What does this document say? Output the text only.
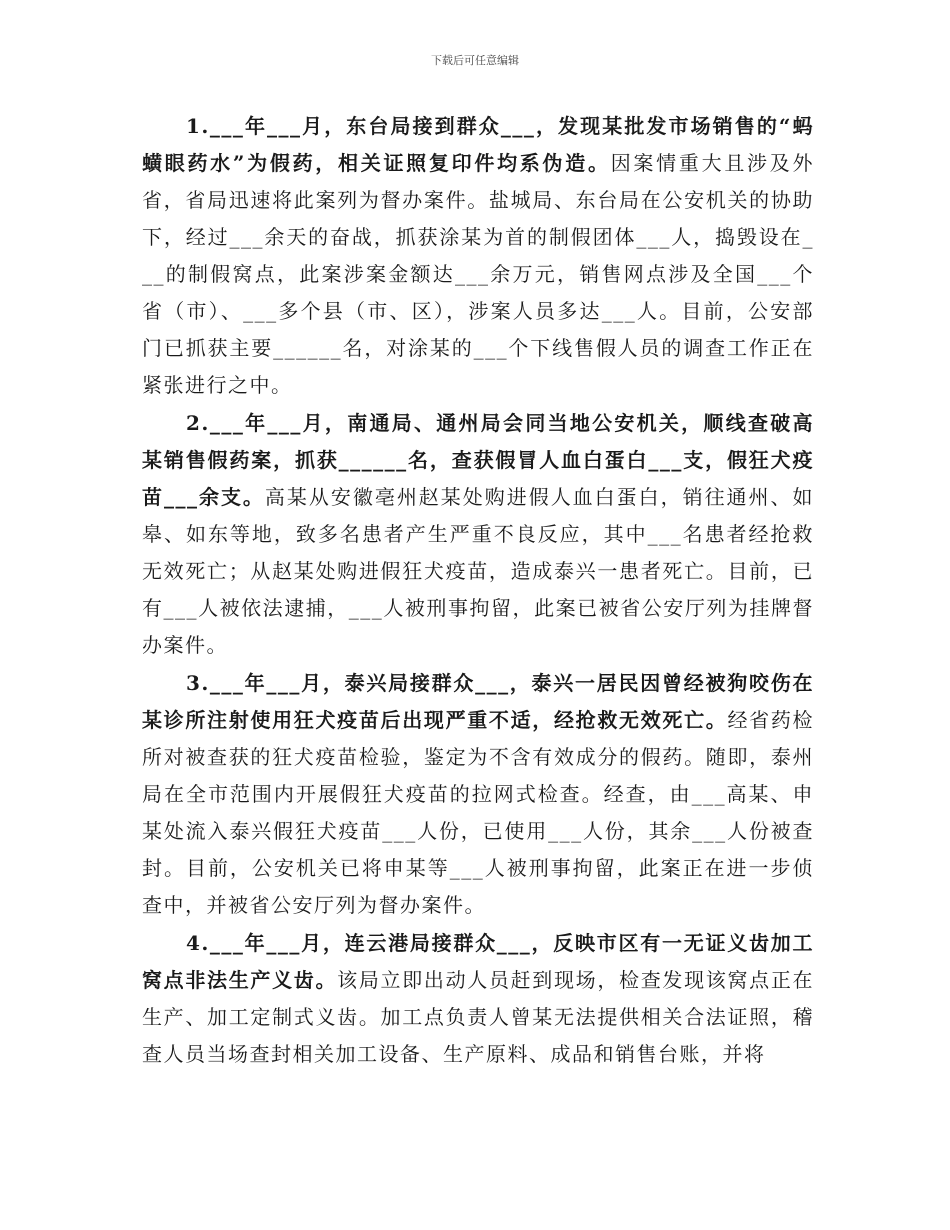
下载后可任意编辑

1.___年___月，东台局接到群众___，发现某批发市场销售的“蚂蟥眼药水”为假药，相关证照复印件均系伪造。因案情重大且涉及外省，省局迅速将此案列为督办案件。盐城局、东台局在公安机关的协助下，经过___余天的奋战，抓获涂某为首的制假团体___人，捣毁设在___的制假窝点，此案涉案金额达___余万元，销售网点涉及全国___个省（市）、___多个县（市、区），涉案人员多达___人。目前，公安部门已抓获主要______名，对涂某的___个下线售假人员的调查工作正在紧张进行之中。

2.___年___月，南通局、通州局会同当地公安机关，顺线查破高某销售假药案，抓获______名，查获假冒人血白蛋白___支，假狂犬疫苗___余支。高某从安徽亳州赵某处购进假人血白蛋白，销往通州、如皋、如东等地，致多名患者产生严重不良反应，其中___名患者经抢救无效死亡；从赵某处购进假狂犬疫苗，造成泰兴一患者死亡。目前，已有___人被依法逮捕，___人被刑事拘留，此案已被省公安厅列为挂牌督办案件。

3.___年___月，泰兴局接群众___，泰兴一居民因曾经被狗咬伤在某诊所注射使用狂犬疫苗后出现严重不适，经抢救无效死亡。经省药检所对被查获的狂犬疫苗检验，鉴定为不含有效成分的假药。随即，泰州局在全市范围内开展假狂犬疫苗的拉网式检查。经查，由___高某、申某处流入泰兴假狂犬疫苗___人份，已使用___人份，其余___人份被查封。目前，公安机关已将申某等___人被刑事拘留，此案正在进一步侦查中，并被省公安厅列为督办案件。

4.___年___月，连云港局接群众___，反映市区有一无证义齿加工窝点非法生产义齿。该局立即出动人员赶到现场，检查发现该窝点正在生产、加工定制式义齿。加工点负责人曾某无法提供相关合法证照，稽查人员当场查封相关加工设备、生产原料、成品和销售台账，并将
